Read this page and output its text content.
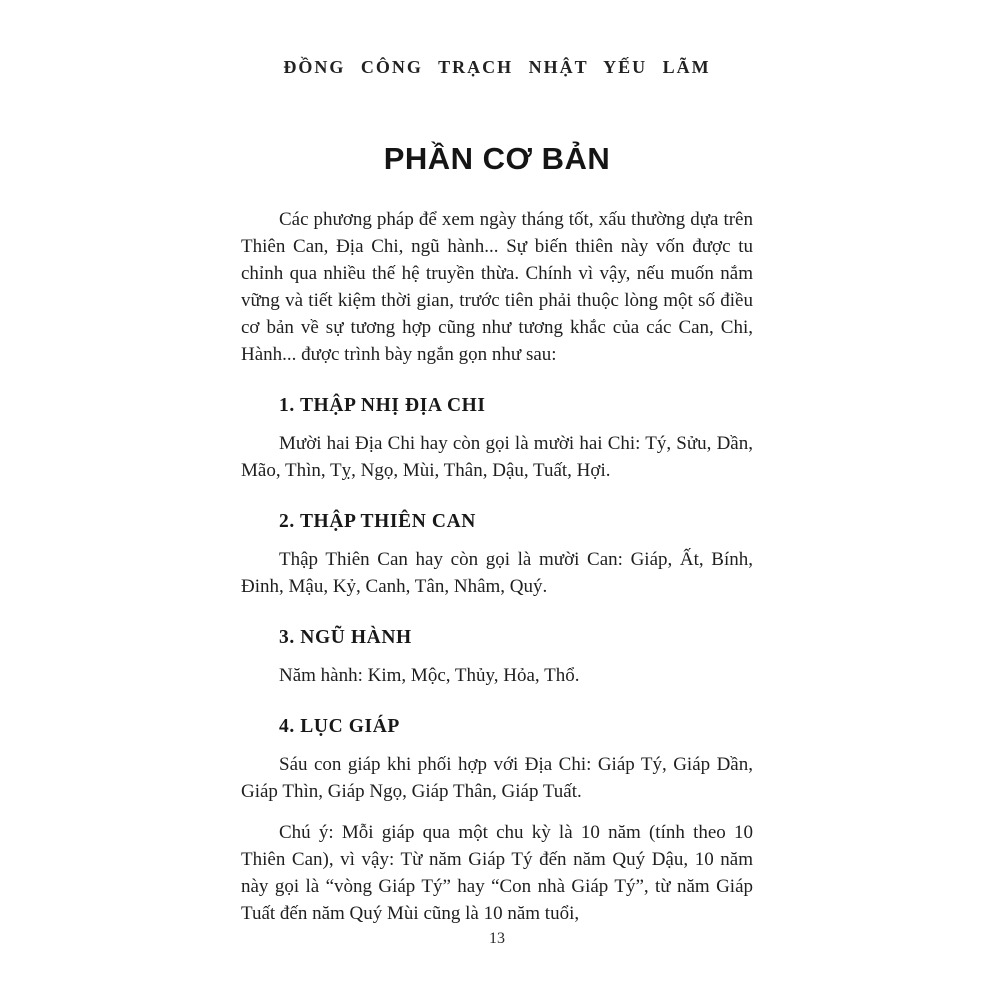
ĐỒNG CÔNG TRẠCH NHẬT YẾU LÃM
PHẦN CƠ BẢN

Các phương pháp để xem ngày tháng tốt, xấu thường dựa trên Thiên Can, Địa Chi, ngũ hành... Sự biến thiên này vốn được tu chỉnh qua nhiều thế hệ truyền thừa. Chính vì vậy, nếu muốn nắm vững và tiết kiệm thời gian, trước tiên phải thuộc lòng một số điều cơ bản về sự tương hợp cũng như tương khắc của các Can, Chi, Hành... được trình bày ngắn gọn như sau:

1. THẬP NHỊ ĐỊA CHI

Mười hai Địa Chi hay còn gọi là mười hai Chi: Tý, Sửu, Dần, Mão, Thìn, Tỵ, Ngọ, Mùi, Thân, Dậu, Tuất, Hợi.

2. THẬP THIÊN CAN

Thập Thiên Can hay còn gọi là mười Can: Giáp, Ất, Bính, Đinh, Mậu, Kỷ, Canh, Tân, Nhâm, Quý.

3. NGŨ HÀNH

Năm hành: Kim, Mộc, Thủy, Hỏa, Thổ.

4. LỤC GIÁP

Sáu con giáp khi phối hợp với Địa Chi: Giáp Tý, Giáp Dần, Giáp Thìn, Giáp Ngọ, Giáp Thân, Giáp Tuất.

Chú ý: Mỗi giáp qua một chu kỳ là 10 năm (tính theo 10 Thiên Can), vì vậy: Từ năm Giáp Tý đến năm Quý Dậu, 10 năm này gọi là “vòng Giáp Tý” hay “Con nhà Giáp Tý”, từ năm Giáp Tuất đến năm Quý Mùi cũng là 10 năm tuổi,

13
